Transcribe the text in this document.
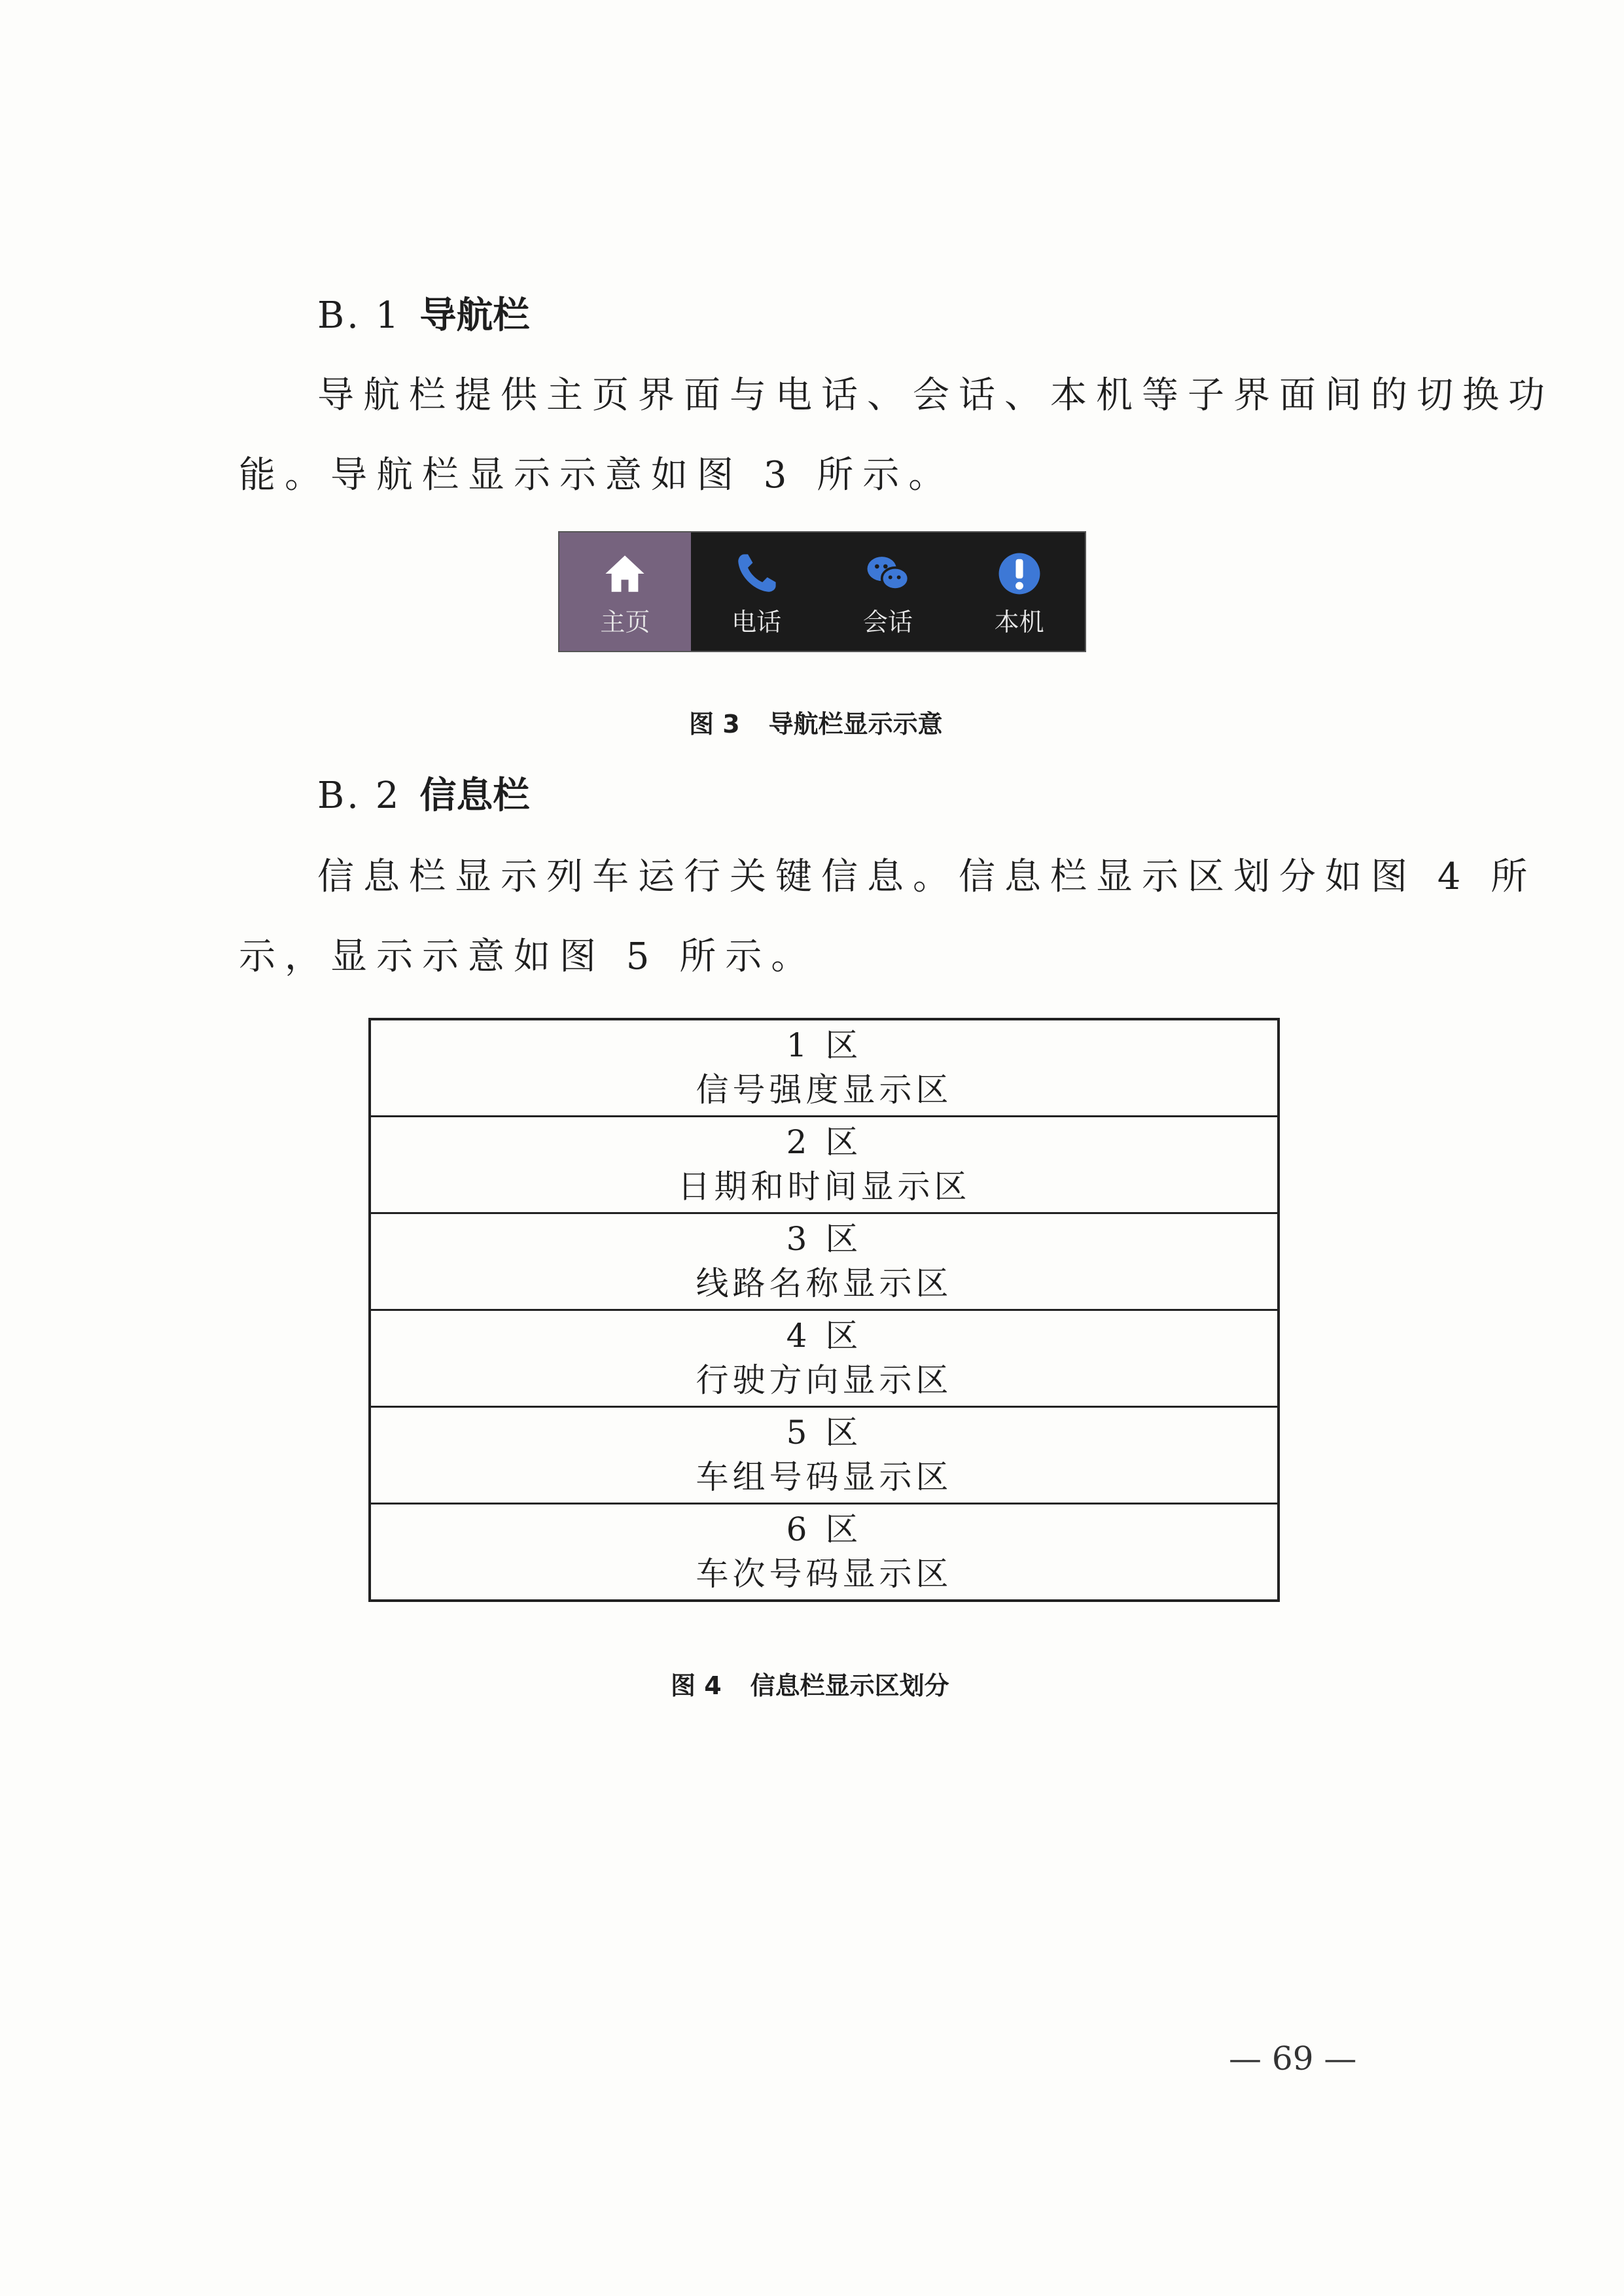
B. 1 导航栏
导航栏提供主页界面与电话、会话、本机等子界面间的切换功
能。导航栏显示示意如图 3 所示。
主页	电话	会话	本机
图 3 导航栏显示示意
B. 2 信息栏
信息栏显示列车运行关键信息。信息栏显示区划分如图 4 所
示，显示示意如图 5 所示。
1 区
信号强度显示区

2 区
日期和时间显示区

3 区
线路名称显示区

4 区
行驶方向显示区

5 区
车组号码显示区

6 区
车次号码显示区
图 4 信息栏显示区划分
— 69 —
